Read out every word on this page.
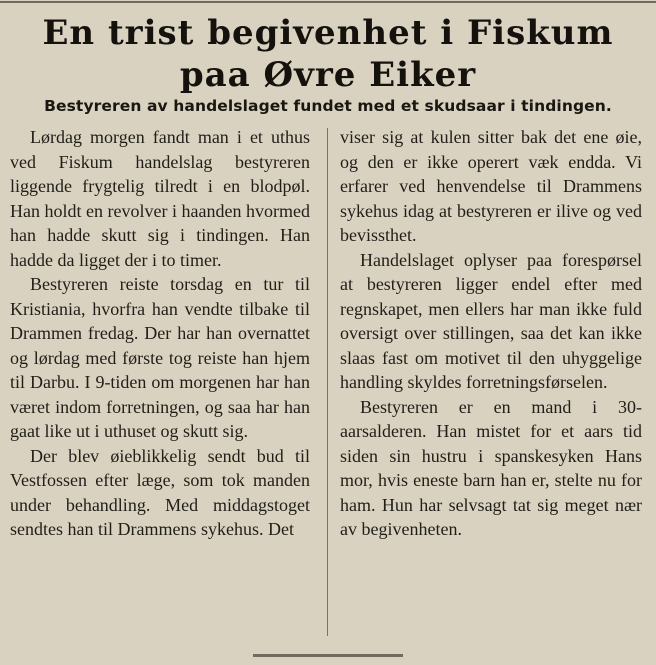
En trist begivenhet i Fiskum
paa Øvre Eiker
Bestyreren av handelslaget fundet med et skudsaar i tindingen.

Lørdag morgen fandt man i et uthus ved Fiskum handelslag bestyreren liggende frygtelig tilredt i en blodpøl. Han holdt en revolver i haanden hvormed han hadde skutt sig i tindingen. Han hadde da ligget der i to timer.

Bestyreren reiste torsdag en tur til Kristiania, hvorfra han vendte tilbake til Drammen fredag. Der har han overnattet og lørdag med første tog reiste han hjem til Darbu. I 9-tiden om morgenen har han været indom forretningen, og saa har han gaat like ut i uthuset og skutt sig.

Der blev øieblikkelig sendt bud til Vestfossen efter læge, som tok manden under behandling. Med middagstoget sendtes han til Drammens sykehus. Det

viser sig at kulen sitter bak det ene øie, og den er ikke operert væk endda. Vi erfarer ved henvendelse til Drammens sykehus idag at bestyreren er ilive og ved bevissthet.

Handelslaget oplyser paa forespørsel at bestyreren ligger endel efter med regnskapet, men ellers har man ikke fuld oversigt over stillingen, saa det kan ikke slaas fast om motivet til den uhyggelige handling skyldes forretningsførselen.

Bestyreren er en mand i 30-aarsalderen. Han mistet for et aars tid siden sin hustru i spanskesyken Hans mor, hvis eneste barn han er, stelte nu for ham. Hun har selvsagt tat sig meget nær av begivenheten.
